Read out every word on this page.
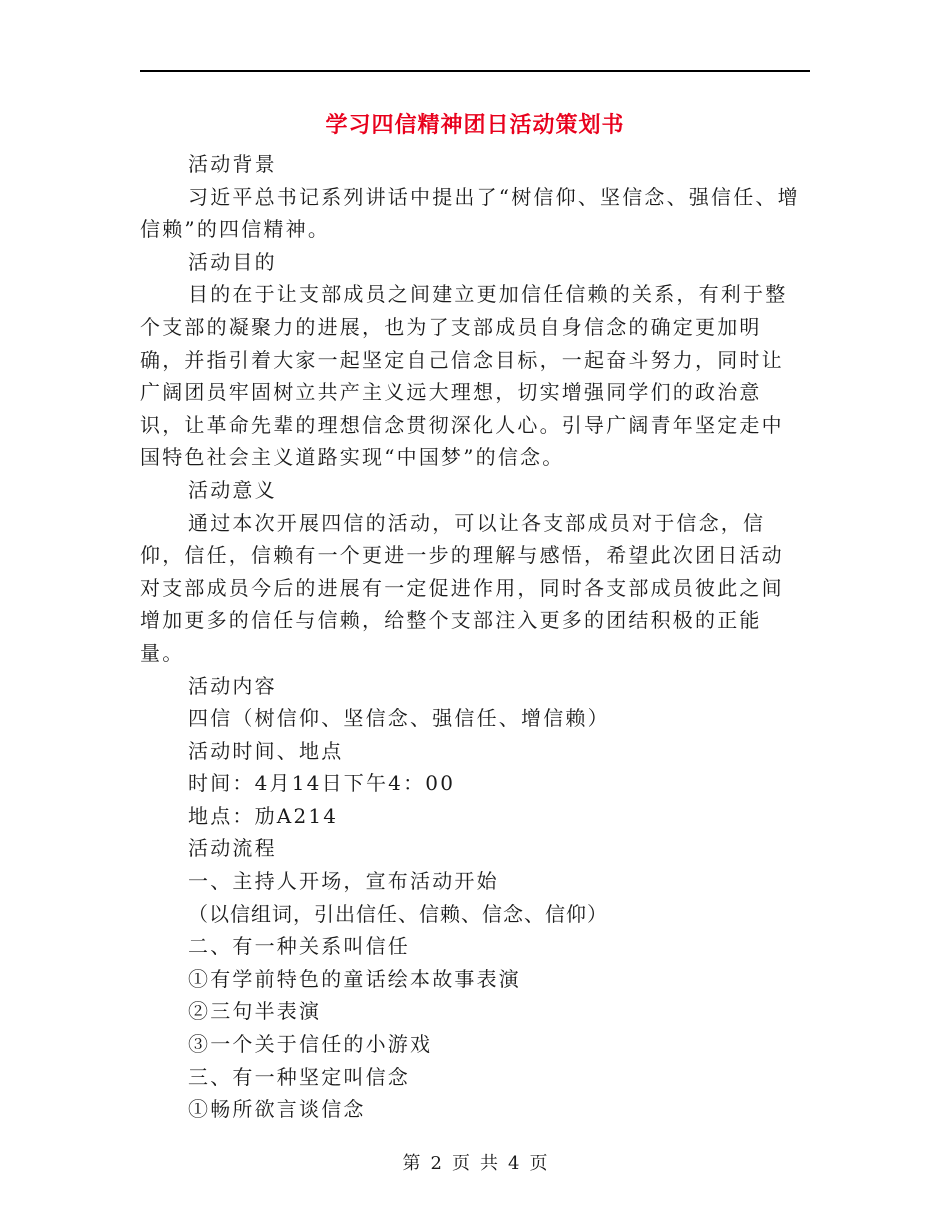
学习四信精神团日活动策划书

活动背景

习近平总书记系列讲话中提出了“树信仰、坚信念、强信任、增信赖”的四信精神。

活动目的

目的在于让支部成员之间建立更加信任信赖的关系，有利于整个支部的凝聚力的进展，也为了支部成员自身信念的确定更加明确，并指引着大家一起坚定自己信念目标，一起奋斗努力，同时让广阔团员牢固树立共产主义远大理想，切实增强同学们的政治意识，让革命先辈的理想信念贯彻深化人心。引导广阔青年坚定走中国特色社会主义道路实现“中国梦”的信念。

活动意义

通过本次开展四信的活动，可以让各支部成员对于信念，信仰，信任，信赖有一个更进一步的理解与感悟，希望此次团日活动对支部成员今后的进展有一定促进作用，同时各支部成员彼此之间增加更多的信任与信赖，给整个支部注入更多的团结积极的正能量。

活动内容

四信（树信仰、坚信念、强信任、增信赖）

活动时间、地点

时间：4月14日下午4：00

地点：劢A214

活动流程

一、主持人开场，宣布活动开始

（以信组词，引出信任、信赖、信念、信仰）

二、有一种关系叫信任

①有学前特色的童话绘本故事表演

②三句半表演

③一个关于信任的小游戏

三、有一种坚定叫信念

①畅所欲言谈信念

第 2 页 共 4 页
